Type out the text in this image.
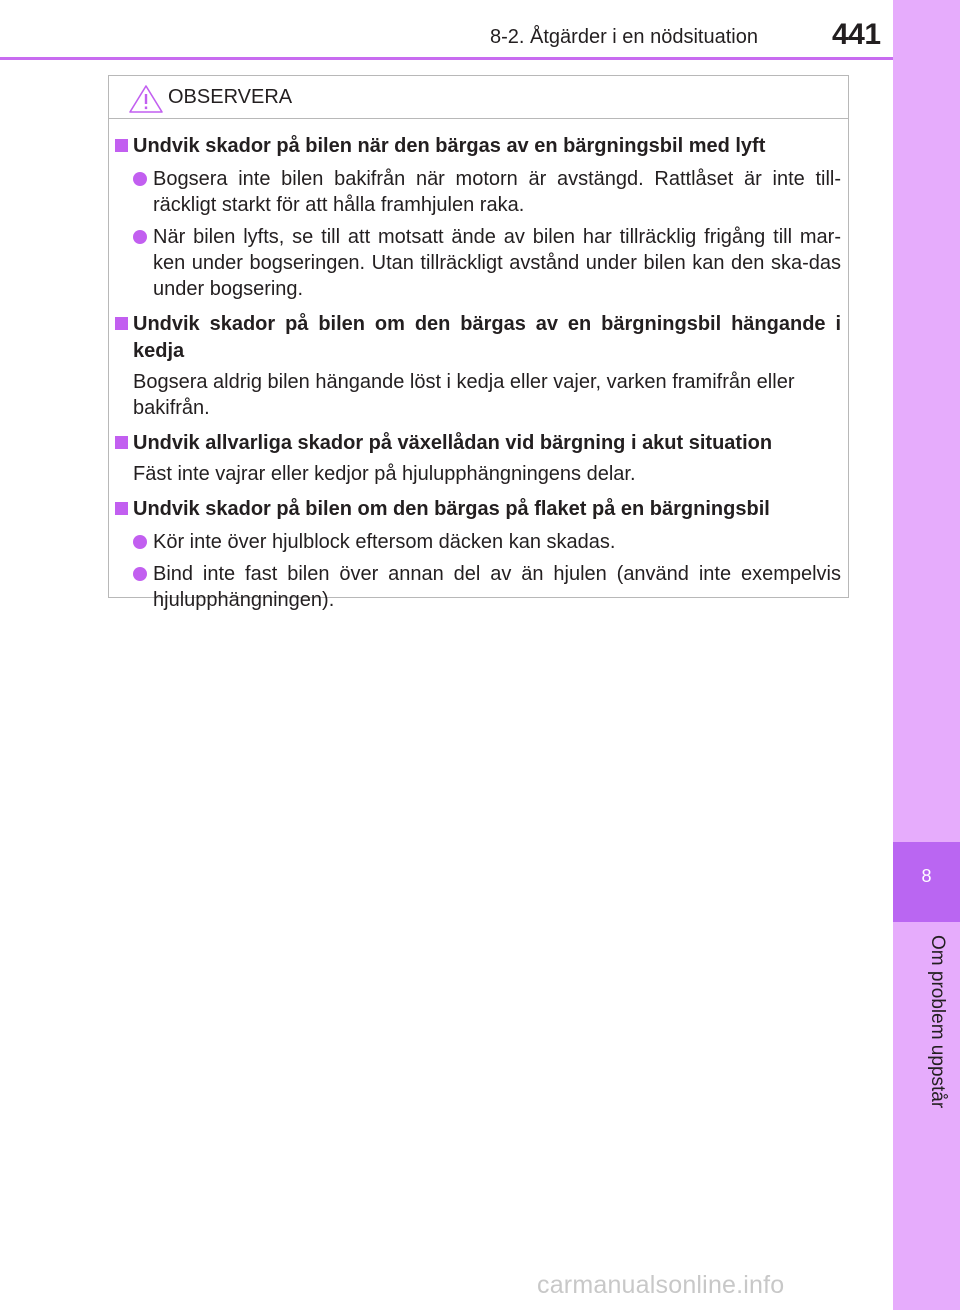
8-2. Åtgärder i en nödsituation 441
8
Om problem uppstår
OBSERVERA
Undvik skador på bilen när den bärgas av en bärgningsbil med lyft
Bogsera inte bilen bakifrån när motorn är avstängd. Rattlåset är inte till-räckligt starkt för att hålla framhjulen raka.
När bilen lyfts, se till att motsatt ände av bilen har tillräcklig frigång till mar-ken under bogseringen. Utan tillräckligt avstånd under bilen kan den ska-das under bogsering.
Undvik skador på bilen om den bärgas av en bärgningsbil hängande i kedja
Bogsera aldrig bilen hängande löst i kedja eller vajer, varken framifrån eller bakifrån.
Undvik allvarliga skador på växellådan vid bärgning i akut situation
Fäst inte vajrar eller kedjor på hjulupphängningens delar.
Undvik skador på bilen om den bärgas på flaket på en bärgningsbil
Kör inte över hjulblock eftersom däcken kan skadas.
Bind inte fast bilen över annan del av än hjulen (använd inte exempelvis hjulupphängningen).
carmanualsonline.info
